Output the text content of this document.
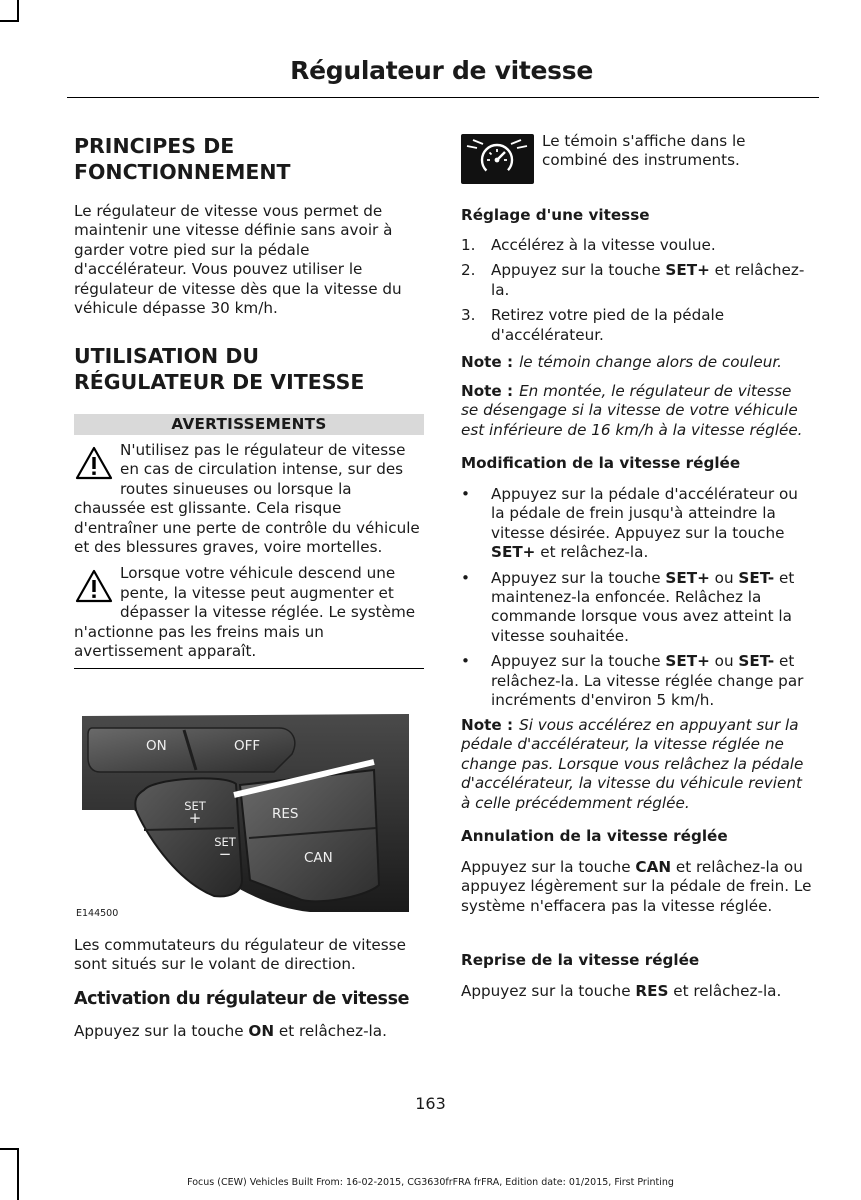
Régulateur de vitesse
PRINCIPES DE
FONCTIONNEMENT

Le régulateur de vitesse vous permet de maintenir une vitesse définie sans avoir à garder votre pied sur la pédale d'accélérateur. Vous pouvez utiliser le régulateur de vitesse dès que la vitesse du véhicule dépasse 30 km/h.

UTILISATION DU
RÉGULATEUR DE VITESSE
AVERTISSEMENTS
N'utilisez pas le régulateur de vitesse en cas de circulation intense, sur des routes sinueuses ou lorsque la chaussée est glissante. Cela risque d'entraîner une perte de contrôle du véhicule et des blessures graves, voire mortelles.
Lorsque votre véhicule descend une pente, la vitesse peut augmenter et dépasser la vitesse réglée. Le système n'actionne pas les freins mais un avertissement apparaît.
ON	OFF
SET
+
SET
−
RES
CAN
E144500

Les commutateurs du régulateur de vitesse sont situés sur le volant de direction.

Activation du régulateur de vitesse

Appuyez sur la touche ON et relâchez-la.

Le témoin s'affiche dans le combiné des instruments.

Réglage d'une vitesse
1. Accélérez à la vitesse voulue.
2. Appuyez sur la touche SET+ et relâchez-la.
3. Retirez votre pied de la pédale d'accélérateur.

Note : le témoin change alors de couleur.

Note : En montée, le régulateur de vitesse se désengage si la vitesse de votre véhicule est inférieure de 16 km/h à la vitesse réglée.

Modification de la vitesse réglée
• Appuyez sur la pédale d'accélérateur ou la pédale de frein jusqu'à atteindre la vitesse désirée. Appuyez sur la touche SET+ et relâchez-la.
• Appuyez sur la touche SET+ ou SET- et maintenez-la enfoncée. Relâchez la commande lorsque vous avez atteint la vitesse souhaitée.
• Appuyez sur la touche SET+ ou SET- et relâchez-la. La vitesse réglée change par incréments d'environ 5 km/h.

Note : Si vous accélérez en appuyant sur la pédale d'accélérateur, la vitesse réglée ne change pas. Lorsque vous relâchez la pédale d'accélérateur, la vitesse du véhicule revient à celle précédemment réglée.

Annulation de la vitesse réglée

Appuyez sur la touche CAN et relâchez-la ou appuyez légèrement sur la pédale de frein. Le système n'effacera pas la vitesse réglée.

Reprise de la vitesse réglée

Appuyez sur la touche RES et relâchez-la.

163
Focus (CEW) Vehicles Built From: 16-02-2015, CG3630frFRA frFRA, Edition date: 01/2015, First Printing
